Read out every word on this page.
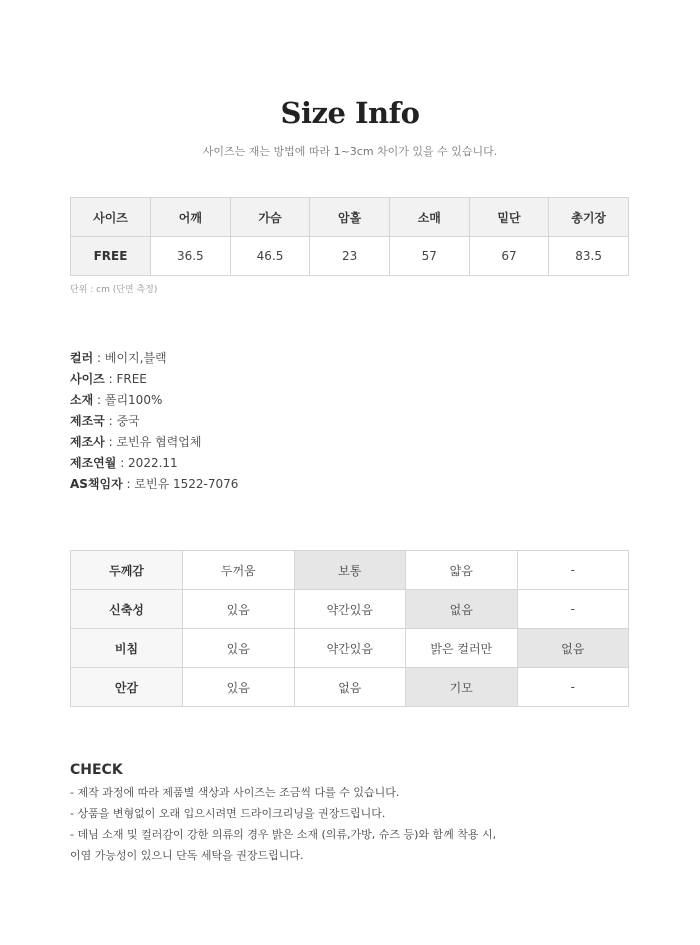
Size Info
사이즈는 재는 방법에 따라 1~3cm 차이가 있을 수 있습니다.
사이즈	어깨	가슴	암홀	소매	밑단	총기장
FREE	36.5	46.5	23	57	67	83.5
단위 : cm (단면 측정)
컬러 : 베이지,블랙
사이즈 : FREE
소재 : 폴리100%
제조국 : 중국
제조사 : 로빈유 협력업체
제조연월 : 2022.11
AS책임자 : 로빈유 1522-7076
두께감	두꺼움	보통	얇음	-
신축성	있음	약간있음	없음	-
비침	있음	약간있음	밝은 컬러만	없음
안감	있음	없음	기모	-
CHECK
- 제작 과정에 따라 제품별 색상과 사이즈는 조금씩 다를 수 있습니다.
- 상품을 변형없이 오래 입으시려면 드라이크리닝을 권장드립니다.
- 데님 소재 및 컬러감이 강한 의류의 경우 밝은 소재 (의류,가방, 슈즈 등)와 함께 착용 시,
이염 가능성이 있으니 단독 세탁을 권장드립니다.
